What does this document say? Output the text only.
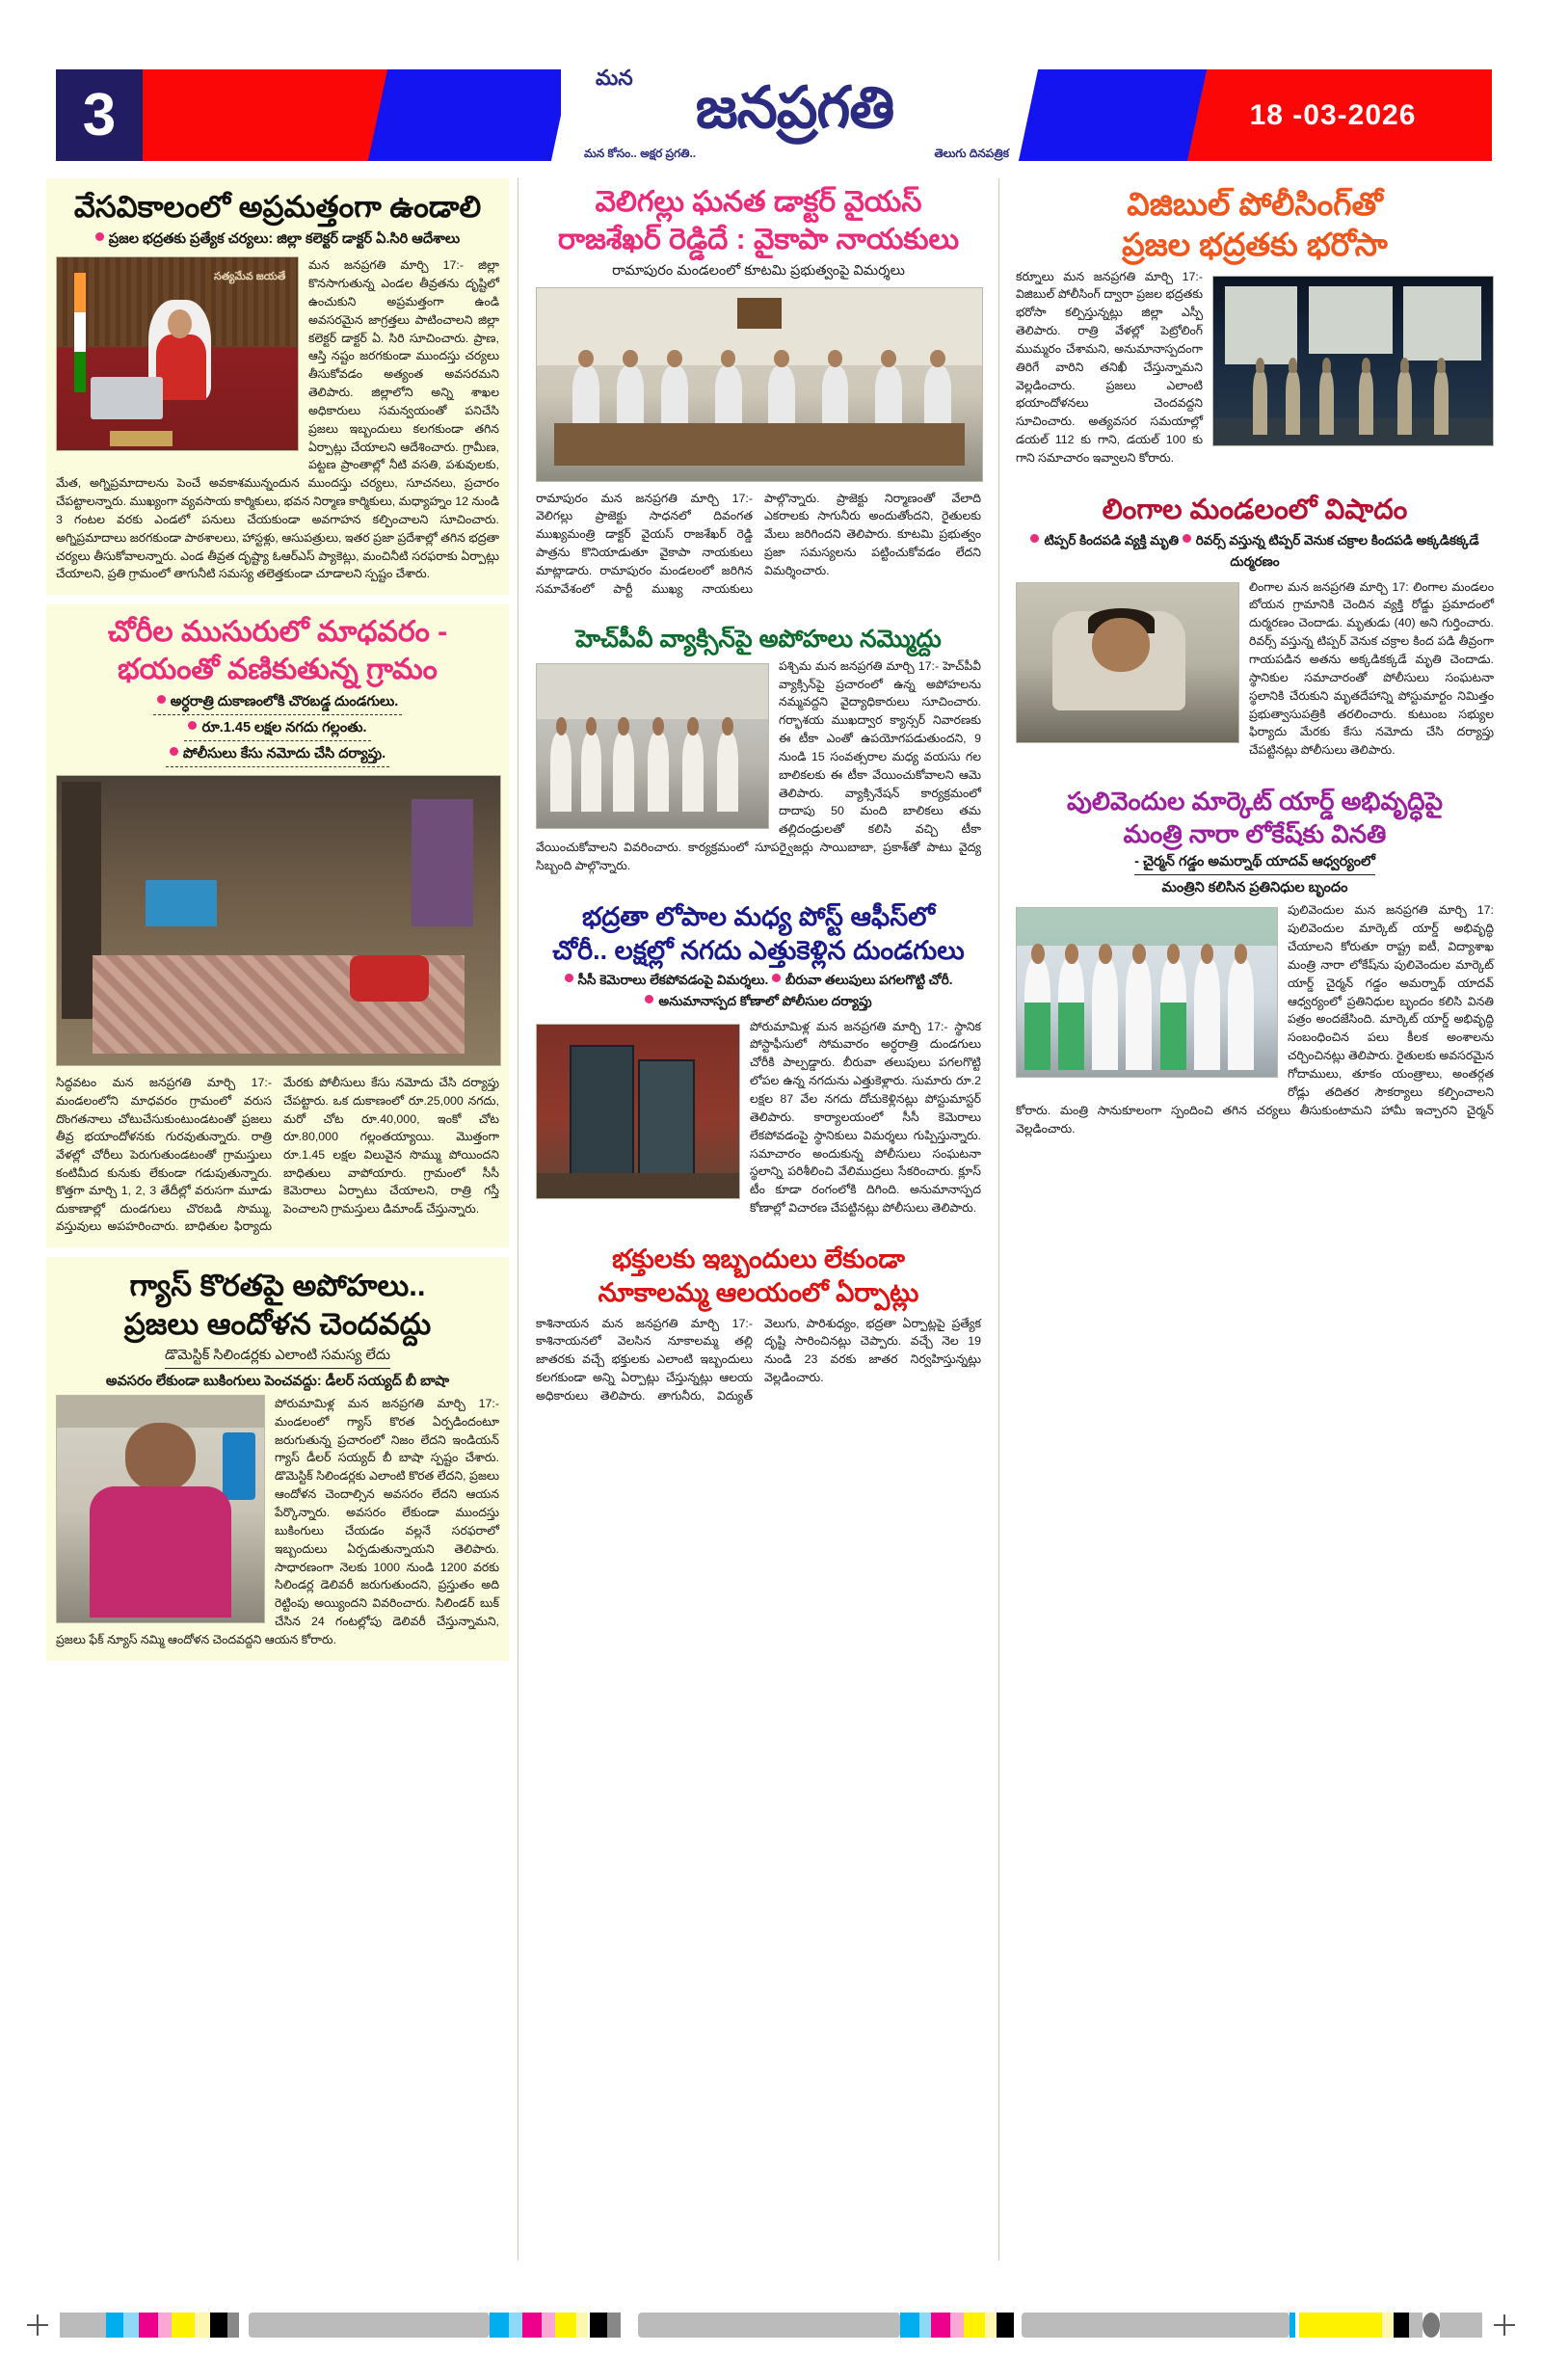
3
మన	జనప్రగతి
మన కోసం.. అక్షర ప్రగతి..	తెలుగు దినపత్రిక
18 -03-2026
వేసవికాలంలో అప్రమత్తంగా ఉండాలి
ప్రజల భద్రతకు ప్రత్యేక చర్యలు: జిల్లా కలెక్టర్ డాక్టర్ ఏ.సిరి ఆదేశాలు
సత్యమేవ జయతే
మన జనప్రగతి మార్చి 17:- జిల్లా కొనసాగుతున్న ఎండల తీవ్రతను దృష్టిలో ఉంచుకుని అప్రమత్తంగా ఉండి అవసరమైన జాగ్రత్తలు పాటించాలని జిల్లా కలెక్టర్ డాక్టర్ ఏ. సిరి సూచించారు. ప్రాణ, ఆస్తి నష్టం జరగకుండా ముందస్తు చర్యలు తీసుకోవడం అత్యంత అవసరమని తెలిపారు. జిల్లాలోని అన్ని శాఖల అధికారులు సమన్వయంతో పనిచేసి ప్రజలు ఇబ్బందులు కలగకుండా తగిన ఏర్పాట్లు చేయాలని ఆదేశించారు. గ్రామీణ, పట్టణ ప్రాంతాల్లో నీటి వసతి, పశువులకు, మేత, అగ్నిప్రమాదాలను పెంచే అవకాశమున్నందున ముందస్తు చర్యలు, సూచనలు, ప్రచారం చేపట్టాలన్నారు. ముఖ్యంగా వ్యవసాయ కార్మికులు, భవన నిర్మాణ కార్మికులు, మధ్యాహ్నం 12 నుండి 3 గంటల వరకు ఎండలో పనులు చేయకుండా అవగాహన కల్పించాలని సూచించారు. అగ్నిప్రమాదాలు జరగకుండా పాఠశాలలు, హాస్టళ్లు, ఆసుపత్రులు, ఇతర ప్రజా ప్రదేశాల్లో తగిన భద్రతా చర్యలు తీసుకోవాలన్నారు. ఎండ తీవ్రత దృష్ట్యా ఓఆర్ఎస్ ప్యాకెట్లు, మంచినీటి సరఫరాకు ఏర్పాట్లు చేయాలని, ప్రతి గ్రామంలో తాగునీటి సమస్య తలెత్తకుండా చూడాలని స్పష్టం చేశారు.
చోరీల ముసురులో మాధవరం -
భయంతో వణికుతున్న గ్రామం
అర్ధరాత్రి దుకాణంలోకి చొరబడ్డ దుండగులు.
రూ.1.45 లక్షల నగదు గల్లంతు.
పోలీసులు కేసు నమోదు చేసి దర్యాప్తు.
సిద్ధవటం మన జనప్రగతి మార్చి 17:- మండలంలోని మాధవరం గ్రామంలో వరుస దొంగతనాలు చోటుచేసుకుంటుండటంతో ప్రజలు తీవ్ర భయాందోళనకు గురవుతున్నారు. రాత్రి వేళల్లో చోరీలు పెరుగుతుండటంతో గ్రామస్తులు కంటిమీద కునుకు లేకుండా గడుపుతున్నారు. కొత్తగా మార్చి 1, 2, 3 తేదీల్లో వరుసగా మూడు దుకాణాల్లో దుండగులు చొరబడి సొమ్ము, వస్తువులు అపహరించారు. బాధితుల ఫిర్యాదు మేరకు పోలీసులు కేసు నమోదు చేసి దర్యాప్తు చేపట్టారు. ఒక దుకాణంలో రూ.25,000 నగదు, మరో చోట రూ.40,000, ఇంకో చోట రూ.80,000 గల్లంతయ్యాయి. మొత్తంగా రూ.1.45 లక్షల విలువైన సొమ్ము పోయిందని బాధితులు వాపోయారు. గ్రామంలో సీసీ కెమెరాలు ఏర్పాటు చేయాలని, రాత్రి గస్తీ పెంచాలని గ్రామస్తులు డిమాండ్ చేస్తున్నారు.
గ్యాస్ కొరతపై అపోహలు..
ప్రజలు ఆందోళన చెందవద్దు
డొమెస్టిక్ సిలిండర్లకు ఎలాంటి సమస్య లేదు
అవసరం లేకుండా బుకింగులు పెంచవద్దు: డీలర్ సయ్యద్ బీ బాషా
పోరుమామిళ్ల మన జనప్రగతి మార్చి 17:- మండలంలో గ్యాస్ కొరత ఏర్పడిందంటూ జరుగుతున్న ప్రచారంలో నిజం లేదని ఇండియన్ గ్యాస్ డీలర్ సయ్యద్ బీ బాషా స్పష్టం చేశారు. డొమెస్టిక్ సిలిండర్లకు ఎలాంటి కొరత లేదని, ప్రజలు ఆందోళన చెందాల్సిన అవసరం లేదని ఆయన పేర్కొన్నారు. అవసరం లేకుండా ముందస్తు బుకింగులు చేయడం వల్లనే సరఫరాలో ఇబ్బందులు ఏర్పడుతున్నాయని తెలిపారు. సాధారణంగా నెలకు 1000 నుండి 1200 వరకు సిలిండర్ల డెలివరీ జరుగుతుందని, ప్రస్తుతం అది రెట్టింపు అయ్యిందని వివరించారు. సిలిండర్ బుక్ చేసిన 24 గంటల్లోపు డెలివరీ చేస్తున్నామని, ప్రజలు ఫేక్ న్యూస్ నమ్మి ఆందోళన చెందవద్దని ఆయన కోరారు.
వెలిగల్లు ఘనత డాక్టర్ వైయస్
రాజశేఖర్ రెడ్డిదే : వైకాపా నాయకులు
రామాపురం మండలంలో కూటమి ప్రభుత్వంపై విమర్శలు
రామాపురం మన జనప్రగతి మార్చి 17:- వెలిగల్లు ప్రాజెక్టు సాధనలో దివంగత ముఖ్యమంత్రి డాక్టర్ వైయస్ రాజశేఖర్ రెడ్డి పాత్రను కొనియాడుతూ వైకాపా నాయకులు మాట్లాడారు. రామాపురం మండలంలో జరిగిన సమావేశంలో పార్టీ ముఖ్య నాయకులు పాల్గొన్నారు. ప్రాజెక్టు నిర్మాణంతో వేలాది ఎకరాలకు సాగునీరు అందుతోందని, రైతులకు మేలు జరిగిందని తెలిపారు. కూటమి ప్రభుత్వం ప్రజా సమస్యలను పట్టించుకోవడం లేదని విమర్శించారు.
హెచ్‌పీవీ వ్యాక్సిన్‌పై అపోహలు నమ్మొద్దు
పశ్చిమ మన జనప్రగతి మార్చి 17:- హెచ్‌పీవీ వ్యాక్సిన్‌పై ప్రచారంలో ఉన్న అపోహలను నమ్మవద్దని వైద్యాధికారులు సూచించారు. గర్భాశయ ముఖద్వార క్యాన్సర్ నివారణకు ఈ టీకా ఎంతో ఉపయోగపడుతుందని, 9 నుండి 15 సంవత్సరాల మధ్య వయసు గల బాలికలకు ఈ టీకా వేయించుకోవాలని ఆమె తెలిపారు. వ్యాక్సినేషన్ కార్యక్రమంలో దాదాపు 50 మంది బాలికలు తమ తల్లిదండ్రులతో కలిసి వచ్చి టీకా వేయించుకోవాలని వివరించారు. కార్యక్రమంలో సూపర్వైజర్లు సాయిబాబా, ప్రకాశ్‌తో పాటు వైద్య సిబ్బంది పాల్గొన్నారు.
భద్రతా లోపాల మధ్య పోస్ట్ ఆఫీస్‌లో
చోరీ.. లక్షల్లో నగదు ఎత్తుకెళ్లిన దుండగులు
సీసీ కెమెరాలు లేకపోవడంపై విమర్శలు. బీరువా తలుపులు పగలగొట్టి చోరీ.
అనుమానాస్పద కోణాలో పోలీసుల దర్యాప్తు
పోరుమామిళ్ల మన జనప్రగతి మార్చి 17:- స్థానిక పోస్టాఫీసులో సోమవారం అర్ధరాత్రి దుండగులు చోరీకి పాల్పడ్డారు. బీరువా తలుపులు పగలగొట్టి లోపల ఉన్న నగదును ఎత్తుకెళ్లారు. సుమారు రూ.2 లక్షల 87 వేల నగదు దోచుకెళ్లినట్లు పోస్టుమాస్టర్ తెలిపారు. కార్యాలయంలో సీసీ కెమెరాలు లేకపోవడంపై స్థానికులు విమర్శలు గుప్పిస్తున్నారు. సమాచారం అందుకున్న పోలీసులు సంఘటనా స్థలాన్ని పరిశీలించి వేలిముద్రలు సేకరించారు. క్లూస్ టీం కూడా రంగంలోకి దిగింది. అనుమానాస్పద కోణాల్లో విచారణ చేపట్టినట్లు పోలీసులు తెలిపారు.
భక్తులకు ఇబ్బందులు లేకుండా
నూకాలమ్మ ఆలయంలో ఏర్పాట్లు
కాశినాయన మన జనప్రగతి మార్చి 17:- కాశినాయనలో వెలసిన నూకాలమ్మ తల్లి జాతరకు వచ్చే భక్తులకు ఎలాంటి ఇబ్బందులు కలగకుండా అన్ని ఏర్పాట్లు చేస్తున్నట్లు ఆలయ అధికారులు తెలిపారు. తాగునీరు, విద్యుత్ వెలుగు, పారిశుధ్యం, భద్రతా ఏర్పాట్లపై ప్రత్యేక దృష్టి సారించినట్లు చెప్పారు. వచ్చే నెల 19 నుండి 23 వరకు జాతర నిర్వహిస్తున్నట్లు వెల్లడించారు.
విజిబుల్ పోలీసింగ్‌తో
ప్రజల భద్రతకు భరోసా
కర్నూలు మన జనప్రగతి మార్చి 17:- విజిబుల్ పోలీసింగ్ ద్వారా ప్రజల భద్రతకు భరోసా కల్పిస్తున్నట్లు జిల్లా ఎస్పీ తెలిపారు. రాత్రి వేళల్లో పెట్రోలింగ్ ముమ్మరం చేశామని, అనుమానాస్పదంగా తిరిగే వారిని తనిఖీ చేస్తున్నామని వెల్లడించారు. ప్రజలు ఎలాంటి భయాందోళనలు చెందవద్దని సూచించారు. అత్యవసర సమయాల్లో డయల్ 112 కు గాని, డయల్ 100 కు గాని సమాచారం ఇవ్వాలని కోరారు.
లింగాల మండలంలో విషాదం
టిప్పర్ కిందపడి వ్యక్తి మృతి రివర్స్ వస్తున్న టిప్పర్ వెనుక చక్రాల కిందపడి అక్కడికక్కడే దుర్మరణం
లింగాల మన జనప్రగతి మార్చి 17: లింగాల మండలం బోయన గ్రామానికి చెందిన వ్యక్తి రోడ్డు ప్రమాదంలో దుర్మరణం చెందాడు. మృతుడు (40) అని గుర్తించారు. రివర్స్ వస్తున్న టిప్పర్ వెనుక చక్రాల కింద పడి తీవ్రంగా గాయపడిన అతను అక్కడికక్కడే మృతి చెందాడు. స్థానికుల సమాచారంతో పోలీసులు సంఘటనా స్థలానికి చేరుకుని మృతదేహాన్ని పోస్టుమార్టం నిమిత్తం ప్రభుత్వాసుపత్రికి తరలించారు. కుటుంబ సభ్యుల ఫిర్యాదు మేరకు కేసు నమోదు చేసి దర్యాప్తు చేపట్టినట్లు పోలీసులు తెలిపారు.
పులివెందుల మార్కెట్ యార్డ్ అభివృద్ధిపై
మంత్రి నారా లోకేష్‌కు వినతి
- చైర్మన్ గడ్డం అమర్నాథ్ యాదవ్ ఆధ్వర్యంలో
మంత్రిని కలిసిన ప్రతినిధుల బృందం
పులివెందుల మన జనప్రగతి మార్చి 17: పులివెందుల మార్కెట్ యార్డ్ అభివృద్ధి చేయాలని కోరుతూ రాష్ట్ర ఐటీ, విద్యాశాఖ మంత్రి నారా లోకేష్‌ను పులివెందుల మార్కెట్ యార్డ్ చైర్మన్ గడ్డం అమర్నాథ్ యాదవ్ ఆధ్వర్యంలో ప్రతినిధుల బృందం కలిసి వినతి పత్రం అందజేసింది. మార్కెట్ యార్డ్ అభివృద్ధి సంబంధించిన పలు కీలక అంశాలను చర్చించినట్లు తెలిపారు. రైతులకు అవసరమైన గోదాములు, తూకం యంత్రాలు, అంతర్గత రోడ్లు తదితర సౌకర్యాలు కల్పించాలని కోరారు. మంత్రి సానుకూలంగా స్పందించి తగిన చర్యలు తీసుకుంటామని హామీ ఇచ్చారని చైర్మన్ వెల్లడించారు.
